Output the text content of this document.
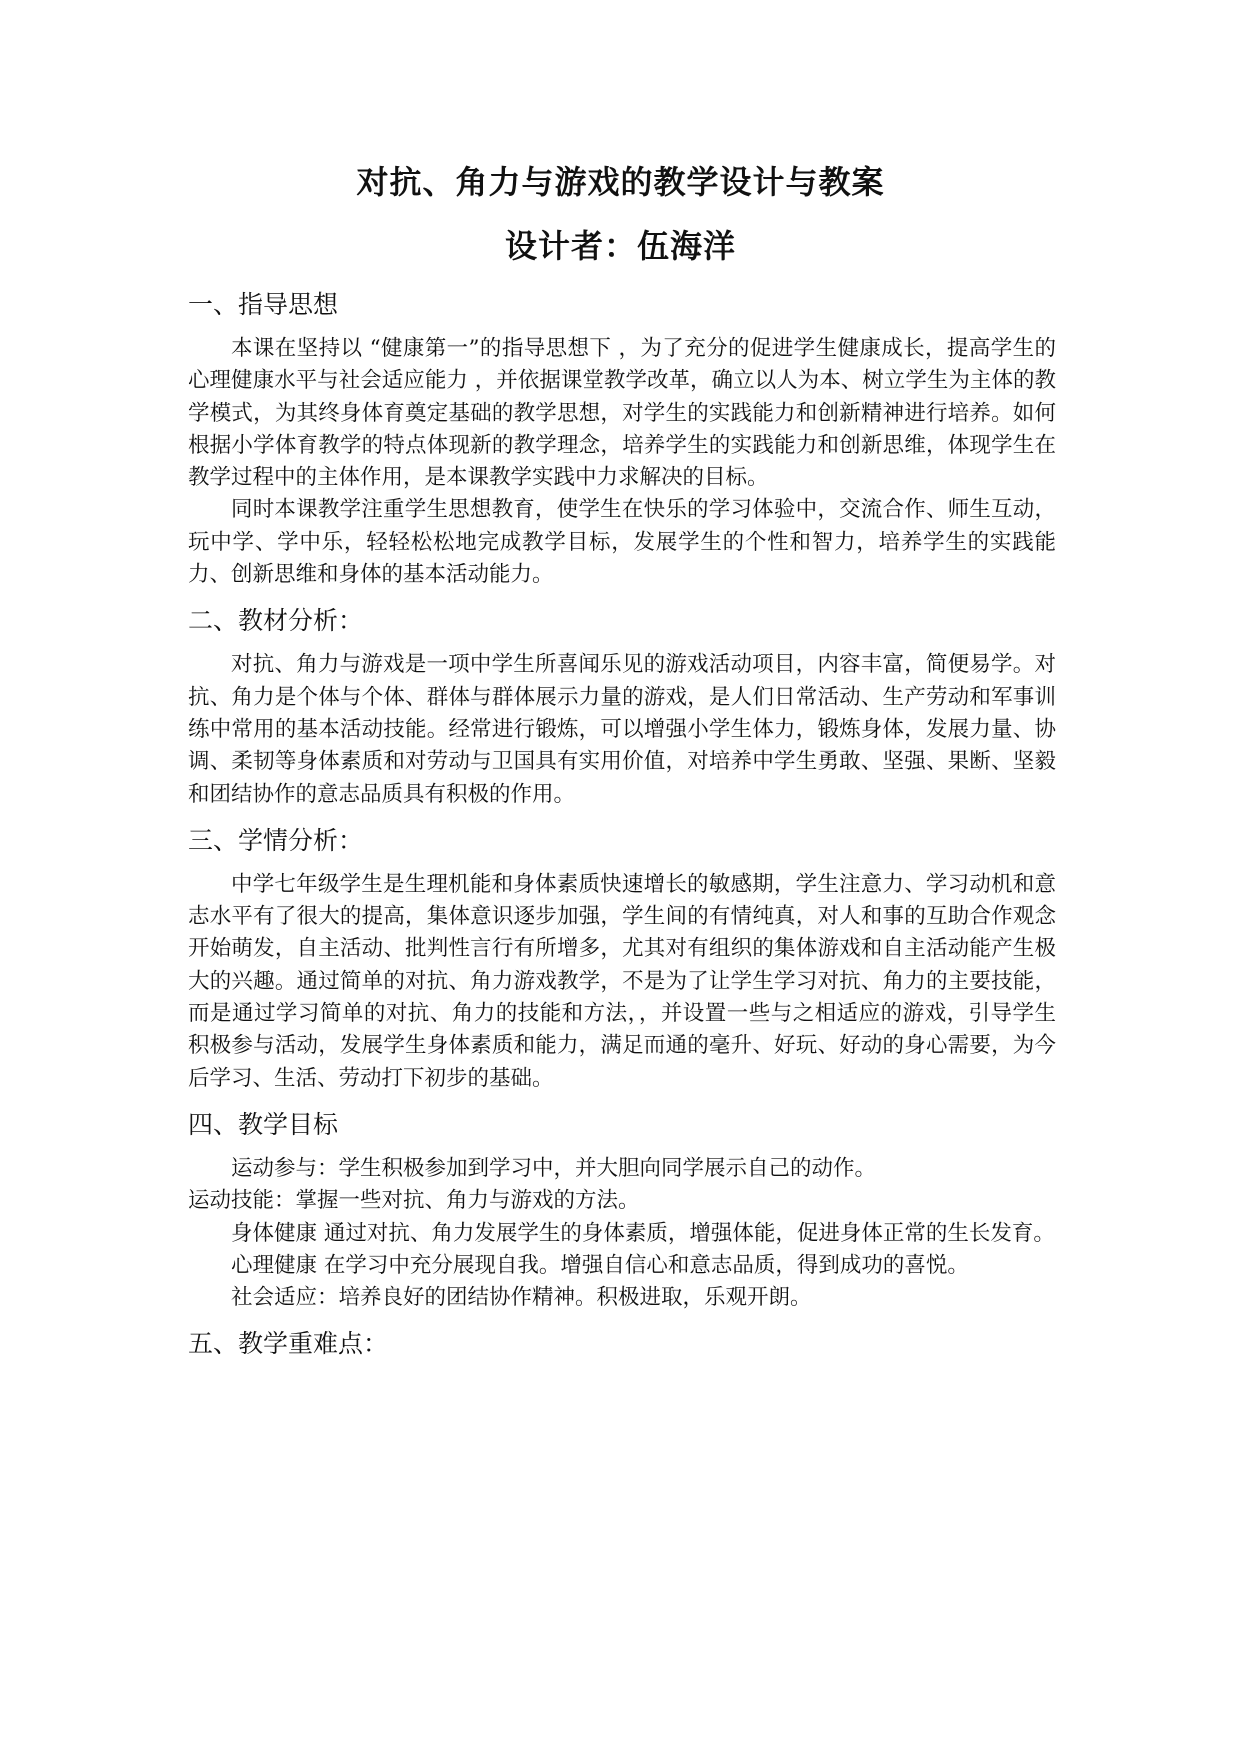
对抗、角力与游戏的教学设计与教案
设计者：伍海洋
一、指导思想

本课在坚持以 “健康第一”的指导思想下 ，为了充分的促进学生健康成长，提高学生的心理健康水平与社会适应能力 ，并依据课堂教学改革，确立以人为本、树立学生为主体的教学模式，为其终身体育奠定基础的教学思想，对学生的实践能力和创新精神进行培养。如何根据小学体育教学的特点体现新的教学理念，培养学生的实践能力和创新思维，体现学生在教学过程中的主体作用，是本课教学实践中力求解决的目标。

同时本课教学注重学生思想教育，使学生在快乐的学习体验中，交流合作、师生互动，玩中学、学中乐，轻轻松松地完成教学目标，发展学生的个性和智力，培养学生的实践能力、创新思维和身体的基本活动能力。

二、教材分析：

对抗、角力与游戏是一项中学生所喜闻乐见的游戏活动项目，内容丰富，简便易学。对抗、角力是个体与个体、群体与群体展示力量的游戏，是人们日常活动、生产劳动和军事训练中常用的基本活动技能。经常进行锻炼，可以增强小学生体力，锻炼身体，发展力量、协调、柔韧等身体素质和对劳动与卫国具有实用价值，对培养中学生勇敢、坚强、果断、坚毅和团结协作的意志品质具有积极的作用。

三、学情分析：

中学七年级学生是生理机能和身体素质快速增长的敏感期，学生注意力、学习动机和意志水平有了很大的提高，集体意识逐步加强，学生间的有情纯真，对人和事的互助合作观念开始萌发，自主活动、批判性言行有所增多，尤其对有组织的集体游戏和自主活动能产生极大的兴趣。通过简单的对抗、角力游戏教学，不是为了让学生学习对抗、角力的主要技能，而是通过学习简单的对抗、角力的技能和方法，，并设置一些与之相适应的游戏，引导学生积极参与活动，发展学生身体素质和能力，满足而通的毫升、好玩、好动的身心需要，为今后学习、生活、劳动打下初步的基础。

四、教学目标

运动参与：学生积极参加到学习中，并大胆向同学展示自己的动作。

运动技能：掌握一些对抗、角力与游戏的方法。

身体健康 通过对抗、角力发展学生的身体素质，增强体能，促进身体正常的生长发育。

心理健康 在学习中充分展现自我。增强自信心和意志品质，得到成功的喜悦。

社会适应：培养良好的团结协作精神。积极进取，乐观开朗。

五、教学重难点：
